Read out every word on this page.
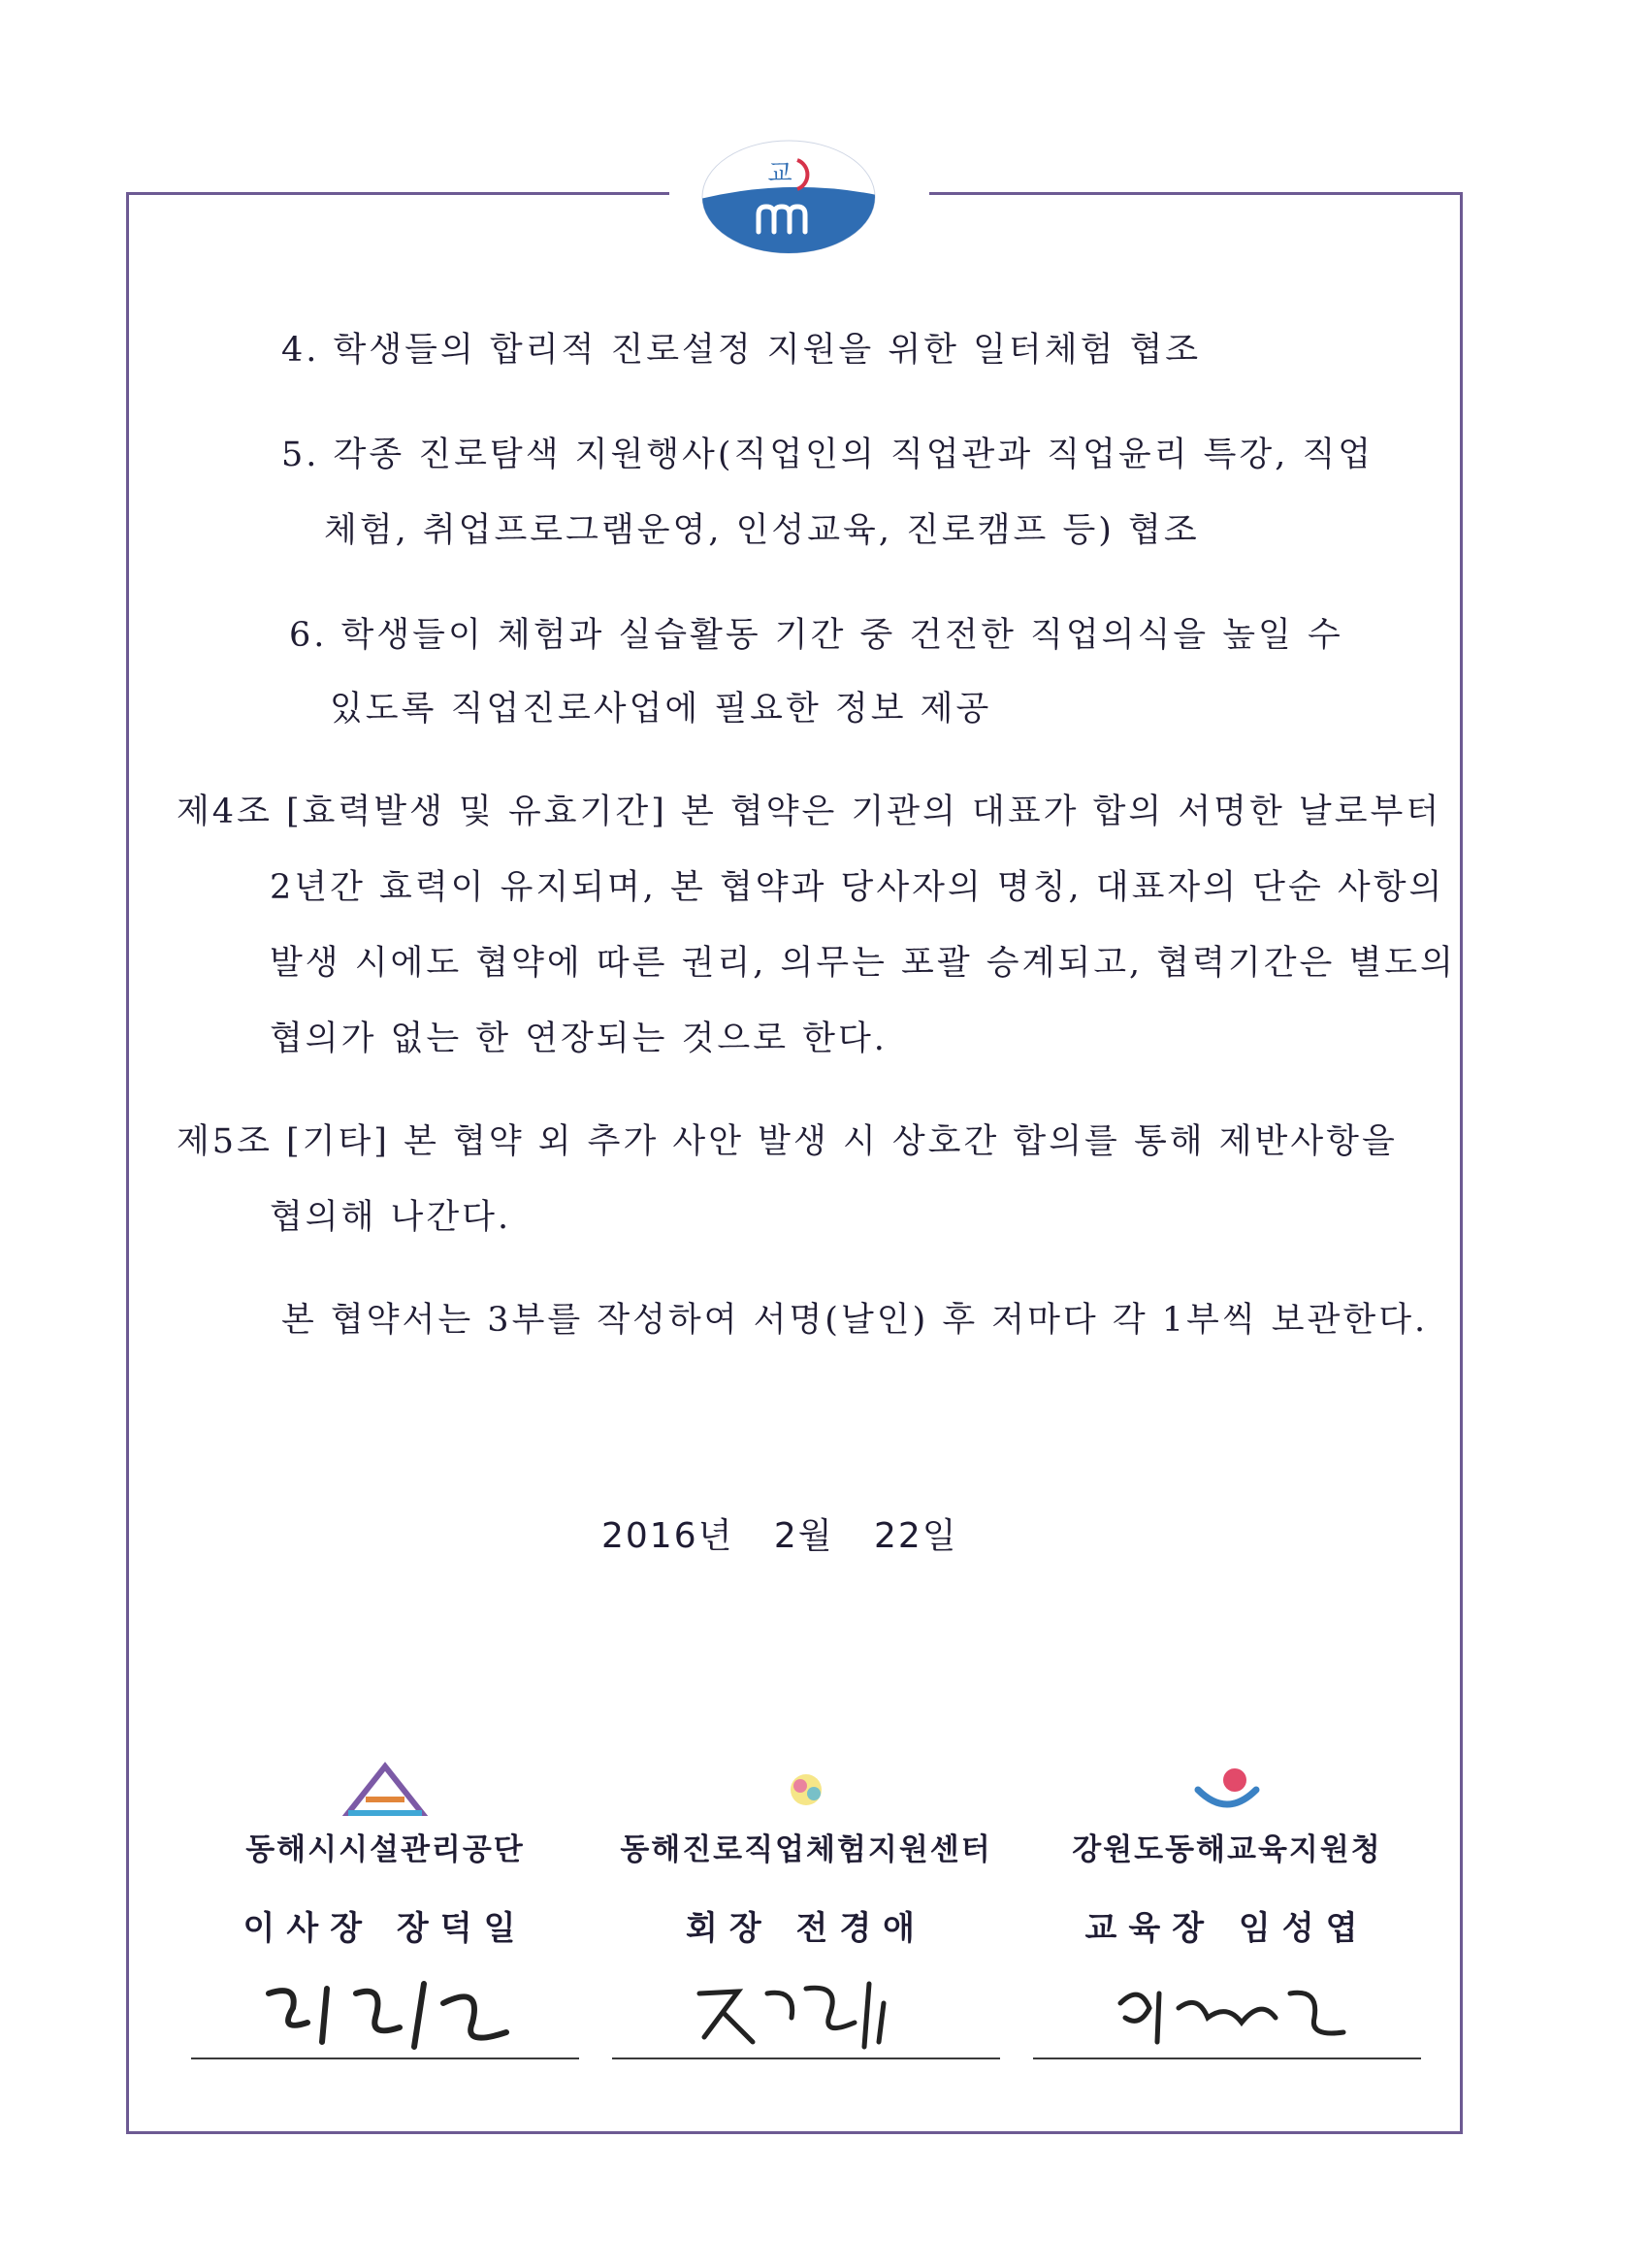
교
4. 학생들의 합리적 진로설정 지원을 위한 일터체험 협조
5. 각종 진로탐색 지원행사(직업인의 직업관과 직업윤리 특강, 직업
체험, 취업프로그램운영, 인성교육, 진로캠프 등) 협조
6. 학생들이 체험과 실습활동 기간 중 건전한 직업의식을 높일 수
있도록 직업진로사업에 필요한 정보 제공
제4조 [효력발생 및 유효기간] 본 협약은 기관의 대표가 합의 서명한 날로부터
2년간 효력이 유지되며, 본 협약과 당사자의 명칭, 대표자의 단순 사항의
발생 시에도 협약에 따른 권리, 의무는 포괄 승계되고, 협력기간은 별도의
협의가 없는 한 연장되는 것으로 한다.
제5조 [기타] 본 협약 외 추가 사안 발생 시 상호간 합의를 통해 제반사항을
협의해 나간다.
본 협약서는 3부를 작성하여 서명(날인) 후 저마다 각 1부씩 보관한다.
2016년 2월 22일
동해시시설관리공단
이사장 장덕일
동해진로직업체험지원센터
회장 전경애
강원도동해교육지원청
교육장 임성엽
